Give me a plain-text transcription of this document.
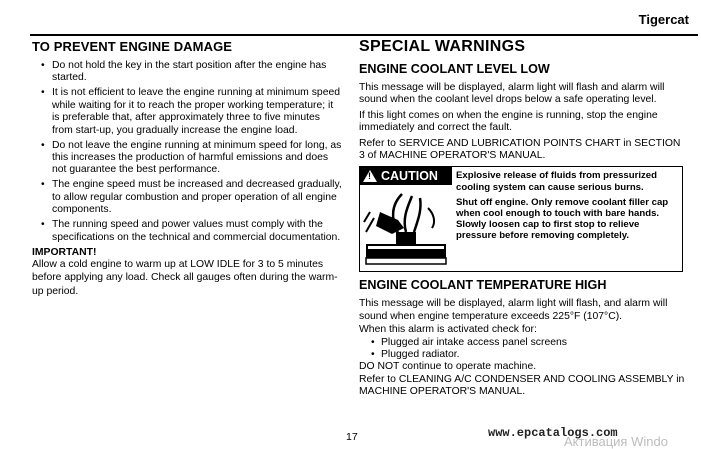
Tigercat
TO PREVENT ENGINE DAMAGE
• Do not hold the key in the start position after the engine has started.
• It is not efficient to leave the engine running at minimum speed while waiting for it to reach the proper working temperature; it is preferable that, after approximately three to five minutes from start-up, you gradually increase the engine load.
• Do not leave the engine running at minimum speed for long, as this increases the production of harmful emissions and does not guarantee the best performance.
• The engine speed must be increased and decreased gradually, to allow regular combustion and proper operation of all engine components.
• The running speed and power values must comply with the specifications on the technical and commercial documentation.
IMPORTANT!
Allow a cold engine to warm up at LOW IDLE for 3 to 5 minutes before applying any load. Check all gauges often during the warm-up period.
SPECIAL WARNINGS
ENGINE COOLANT LEVEL LOW
This message will be displayed, alarm light will flash and alarm will sound when the coolant level drops below a safe operating level.
If this light comes on when the engine is running, stop the engine immediately and correct the fault.
Refer to SERVICE AND LUBRICATION POINTS CHART in SECTION 3 of MACHINE OPERATOR'S MANUAL.
!
CAUTION Explosive release of fluids from pressurized cooling system can cause serious burns.

Shut off engine. Only remove coolant filler cap when cool enough to touch with bare hands. Slowly loosen cap to first stop to relieve pressure before removing completely.

ENGINE COOLANT TEMPERATURE HIGH
This message will be displayed, alarm light will flash, and alarm will sound when engine temperature exceeds 225°F (107°C).
When this alarm is activated check for:
• Plugged air intake access panel screens
• Plugged radiator.
DO NOT continue to operate machine.
Refer to CLEANING A/C CONDENSER AND COOLING ASSEMBLY in MACHINE OPERATOR'S MANUAL.
17	www.epcatalogs.com
Активация Windo
